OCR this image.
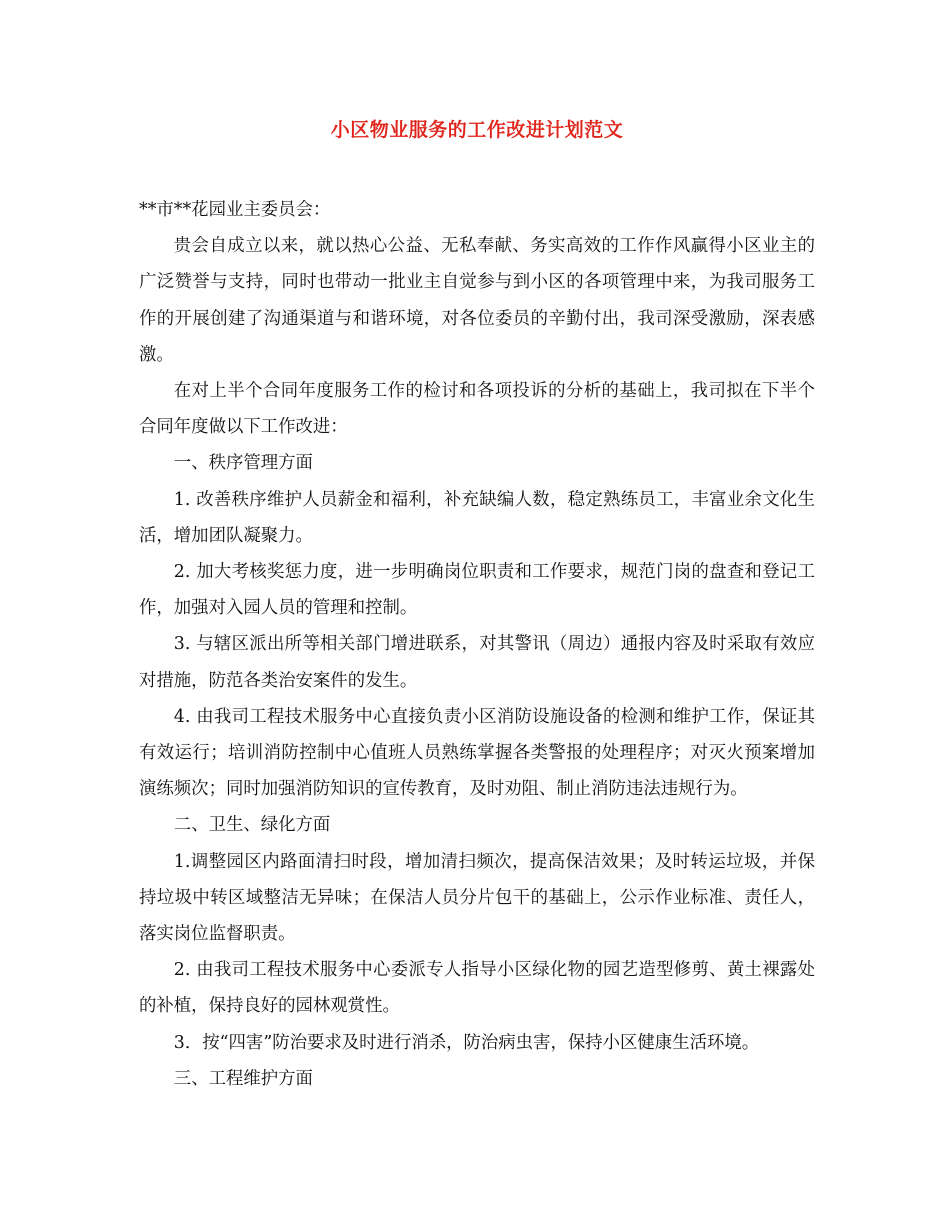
小区物业服务的工作改进计划范文

**市**花园业主委员会：

贵会自成立以来，就以热心公益、无私奉献、务实高效的工作作风赢得小区业主的广泛赞誉与支持，同时也带动一批业主自觉参与到小区的各项管理中来，为我司服务工作的开展创建了沟通渠道与和谐环境，对各位委员的辛勤付出，我司深受激励，深表感激。

在对上半个合同年度服务工作的检讨和各项投诉的分析的基础上，我司拟在下半个合同年度做以下工作改进：

一、秩序管理方面

1. 改善秩序维护人员薪金和福利，补充缺编人数，稳定熟练员工，丰富业余文化生活，增加团队凝聚力。

2. 加大考核奖惩力度，进一步明确岗位职责和工作要求，规范门岗的盘查和登记工作，加强对入园人员的管理和控制。

3. 与辖区派出所等相关部门增进联系，对其警讯（周边）通报内容及时采取有效应对措施，防范各类治安案件的发生。

4. 由我司工程技术服务中心直接负责小区消防设施设备的检测和维护工作，保证其有效运行；培训消防控制中心值班人员熟练掌握各类警报的处理程序；对灭火预案增加演练频次；同时加强消防知识的宣传教育，及时劝阻、制止消防违法违规行为。

二、卫生、绿化方面

1.调整园区内路面清扫时段，增加清扫频次，提高保洁效果；及时转运垃圾，并保持垃圾中转区域整洁无异味；在保洁人员分片包干的基础上，公示作业标准、责任人，落实岗位监督职责。

2. 由我司工程技术服务中心委派专人指导小区绿化物的园艺造型修剪、黄土裸露处的补植，保持良好的园林观赏性。

3．按“四害”防治要求及时进行消杀，防治病虫害，保持小区健康生活环境。

三、工程维护方面
